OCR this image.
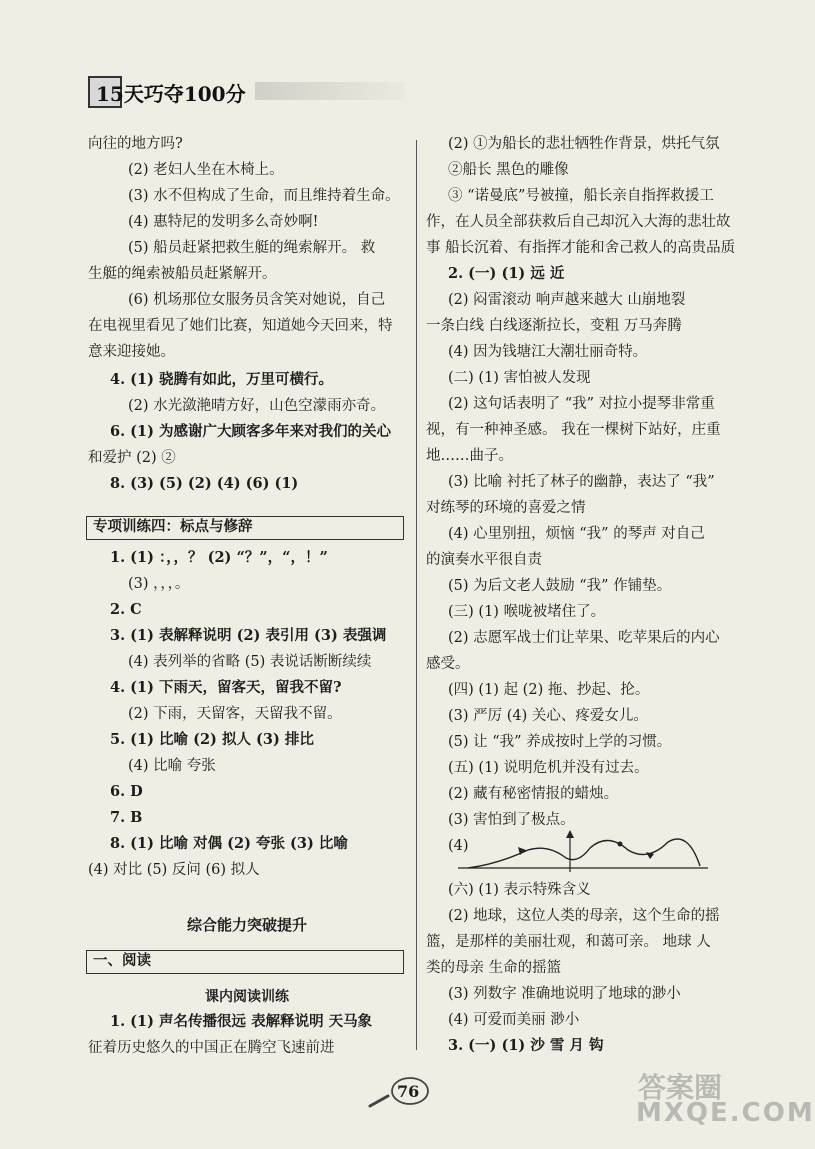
15天巧夺100分
向往的地方吗?
(2) 老妇人坐在木椅上。
(3) 水不但构成了生命，而且维持着生命。
(4) 惠特尼的发明多么奇妙啊!
(5) 船员赶紧把救生艇的绳索解开。 救
生艇的绳索被船员赶紧解开。
(6) 机场那位女服务员含笑对她说，自己
在电视里看见了她们比赛，知道她今天回来，特
意来迎接她。
4. (1) 骁腾有如此，万里可横行。
(2) 水光潋滟晴方好，山色空濛雨亦奇。
6. (1) 为感谢广大顾客多年来对我们的关心
和爱护 (2) ②
8. (3) (5) (2) (4) (6) (1)
专项训练四：标点与修辞
1. (1) ：，，？ (2) “？”，“，！”
(3) ，，，。
2. C
3. (1) 表解释说明 (2) 表引用 (3) 表强调
(4) 表列举的省略 (5) 表说话断断续续
4. (1) 下雨天，留客天，留我不留?
(2) 下雨，天留客，天留我不留。
5. (1) 比喻 (2) 拟人 (3) 排比
(4) 比喻 夸张
6. D
7. B
8. (1) 比喻 对偶 (2) 夸张 (3) 比喻
(4) 对比 (5) 反问 (6) 拟人
综合能力突破提升
一、阅读
课内阅读训练
1. (1) 声名传播很远 表解释说明 天马象
征着历史悠久的中国正在腾空飞速前进
(2) ①为船长的悲壮牺牲作背景，烘托气氛
②船长 黑色的雕像
③ “诺曼底”号被撞，船长亲自指挥救援工
作，在人员全部获救后自己却沉入大海的悲壮故
事 船长沉着、有指挥才能和舍己救人的高贵品质
2. (一) (1) 远 近
(2) 闷雷滚动 响声越来越大 山崩地裂
一条白线 白线逐渐拉长，变粗 万马奔腾
(4) 因为钱塘江大潮壮丽奇特。
(二) (1) 害怕被人发现
(2) 这句话表明了 “我” 对拉小提琴非常重
视，有一种神圣感。 我在一棵树下站好，庄重
地……曲子。
(3) 比喻 衬托了林子的幽静，表达了 “我”
对练琴的环境的喜爱之情
(4) 心里别扭，烦恼 “我” 的琴声 对自己
的演奏水平很自责
(5) 为后文老人鼓励 “我” 作铺垫。
(三) (1) 喉咙被堵住了。
(2) 志愿军战士们让苹果、吃苹果后的内心
感受。
(四) (1) 起 (2) 拖、抄起、抡。
(3) 严厉 (4) 关心、疼爱女儿。
(5) 让 “我” 养成按时上学的习惯。
(五) (1) 说明危机并没有过去。
(2) 藏有秘密情报的蜡烛。
(3) 害怕到了极点。
(4)
(六) (1) 表示特殊含义
(2) 地球，这位人类的母亲，这个生命的摇
篮，是那样的美丽壮观，和蔼可亲。 地球 人
类的母亲 生命的摇篮
(3) 列数字 准确地说明了地球的渺小
(4) 可爱而美丽 渺小
3. (一) (1) 沙 雪 月 钩
76	答案圈
MXQE.COM
